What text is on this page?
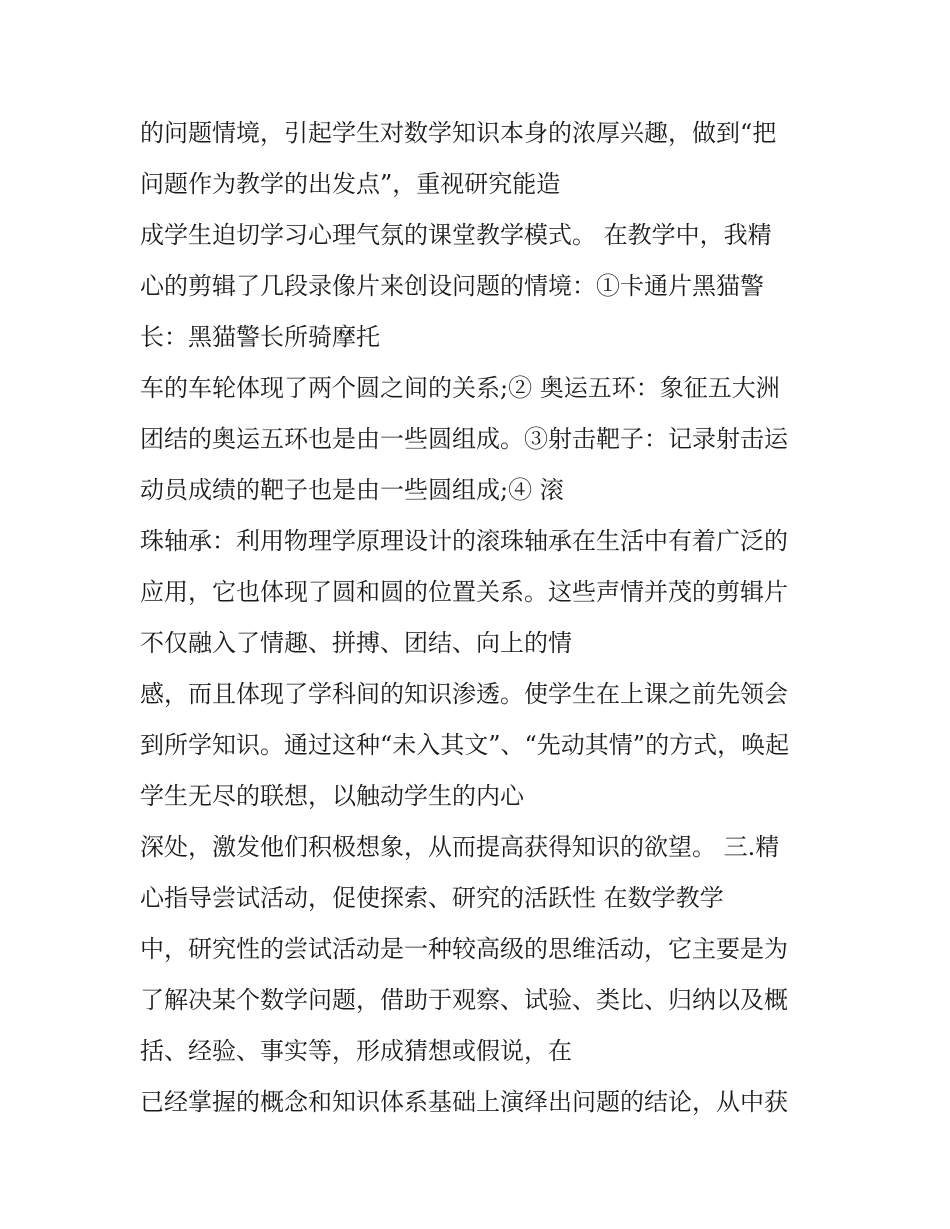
的问题情境，引起学生对数学知识本身的浓厚兴趣，做到“把
问题作为教学的出发点”，重视研究能造
成学生迫切学习心理气氛的课堂教学模式。 在教学中，我精
心的剪辑了几段录像片来创设问题的情境：①卡通片黑猫警
长：黑猫警长所骑摩托
车的车轮体现了两个圆之间的关系;② 奥运五环：象征五大洲
团结的奥运五环也是由一些圆组成。③射击靶子：记录射击运
动员成绩的靶子也是由一些圆组成;④ 滚
珠轴承：利用物理学原理设计的滚珠轴承在生活中有着广泛的
应用，它也体现了圆和圆的位置关系。这些声情并茂的剪辑片
不仅融入了情趣、拼搏、团结、向上的情
感，而且体现了学科间的知识渗透。使学生在上课之前先领会
到所学知识。通过这种“未入其文”、“先动其情”的方式，唤起
学生无尽的联想，以触动学生的内心
深处，激发他们积极想象，从而提高获得知识的欲望。 三.精
心指导尝试活动，促使探索、研究的活跃性 在数学教学
中，研究性的尝试活动是一种较高级的思维活动，它主要是为
了解决某个数学问题，借助于观察、试验、类比、归纳以及概
括、经验、事实等，形成猜想或假说，在
已经掌握的概念和知识体系基础上演绎出问题的结论，从中获
